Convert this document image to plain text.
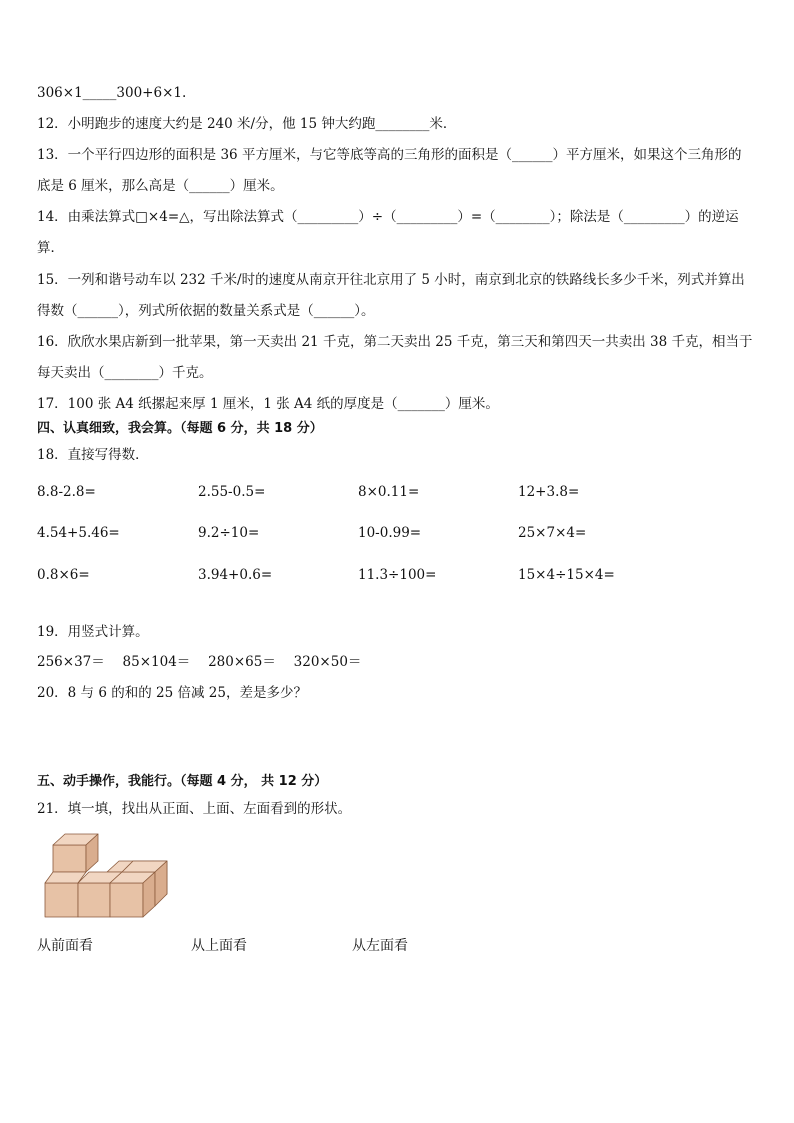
306×1_____300+6×1.
12．小明跑步的速度大约是 240 米/分，他 15 钟大约跑________米．
13．一个平行四边形的面积是 36 平方厘米，与它等底等高的三角形的面积是（______）平方厘米，如果这个三角形的
底是 6 厘米，那么高是（______）厘米。
14．由乘法算式□×4=△，写出除法算式（_________）÷（_________）=（________）；除法是（_________）的逆运
算．
15．一列和谐号动车以 232 千米/时的速度从南京开往北京用了 5 小时，南京到北京的铁路线长多少千米，列式并算出
得数（______），列式所依据的数量关系式是（______）。
16．欣欣水果店新到一批苹果，第一天卖出 21 千克，第二天卖出 25 千克，第三天和第四天一共卖出 38 千克，相当于
每天卖出（________）千克。
17．100 张 A4 纸摞起来厚 1 厘米，1 张 A4 纸的厚度是（_______）厘米。
四、认真细致，我会算。（每题 6 分，共 18 分）
18．直接写得数．
8.8-2.8=	2.55-0.5=	8×0.11=	12+3.8=
4.54+5.46=	9.2÷10=	10-0.99=	25×7×4=
0.8×6=	3.94+0.6=	11.3÷100=	15×4÷15×4=
19．用竖式计算。
256×37＝　 85×104＝　 280×65＝　 320×50＝
20．8 与 6 的和的 25 倍减 25，差是多少？
五、动手操作，我能行。（每题 4 分， 共 12 分）
21．填一填，找出从正面、上面、左面看到的形状。
从前面看	从上面看	从左面看
